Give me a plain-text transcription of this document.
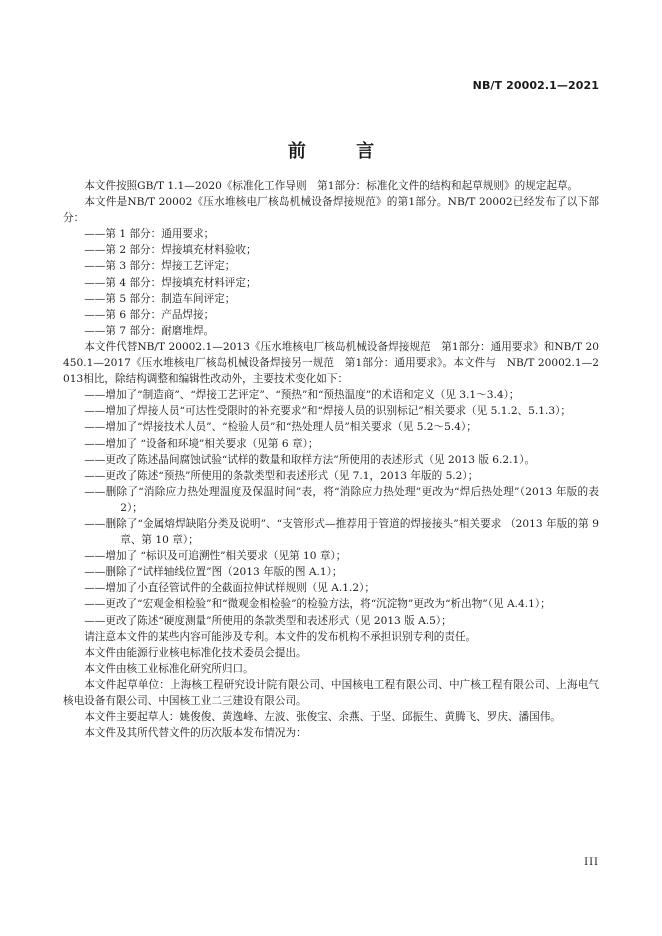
NB/T 20002.1—2021
前 言

本文件按照GB/T 1.1—2020《标准化工作导则　第1部分：标准化文件的结构和起草规则》的规定起草。

本文件是NB/T 20002《压水堆核电厂核岛机械设备焊接规范》的第1部分。NB/T 20002已经发布了以下部分：

——第 1 部分：通用要求；

——第 2 部分：焊接填充材料验收；

——第 3 部分：焊接工艺评定；

——第 4 部分：焊接填充材料评定；

——第 5 部分：制造车间评定；

——第 6 部分：产品焊接；

——第 7 部分：耐磨堆焊。

本文件代替NB/T 20002.1—2013《压水堆核电厂核岛机械设备焊接规范　第1部分：通用要求》和NB/T 20450.1—2017《压水堆核电厂核岛机械设备焊接另一规范　第1部分：通用要求》。本文件与　NB/T 20002.1—2013相比，除结构调整和编辑性改动外，主要技术变化如下：

——增加了“制造商”、“焊接工艺评定”、“预热”和“预热温度”的术语和定义（见 3.1～3.4）；

——增加了焊接人员“可达性受限时的补充要求”和“焊接人员的识别标记”相关要求（见 5.1.2、5.1.3）；

——增加了“焊接技术人员”、“检验人员”和“热处理人员”相关要求（见 5.2～5.4）；

——增加了 “设备和环境”相关要求（见第 6 章）；

——更改了陈述晶间腐蚀试验“试样的数量和取样方法”所使用的表述形式（见 2013 版 6.2.1）。

——更改了陈述“预热”所使用的条款类型和表述形式（见 7.1，2013 年版的 5.2）；

——删除了“消除应力热处理温度及保温时间”表，将“消除应力热处理”更改为“焊后热处理”（2013 年版的表 2）；

——删除了“金属熔焊缺陷分类及说明”、“支管形式—推荐用于管道的焊接接头”相关要求 （2013 年版的第 9 章、第 10 章）；

——增加了 “标识及可追溯性”相关要求（见第 10 章）；

——删除了“试样轴线位置”图（2013 年版的图 A.1）；

——增加了小直径管试件的全截面拉伸试样规则（见 A.1.2）；

——更改了“宏观金相检验”和“微观金相检验”的检验方法，将“沉淀物”更改为“析出物”（见 A.4.1）；

——更改了陈述“硬度测量”所使用的条款类型和表述形式（见 2013 版 A.5）；

请注意本文件的某些内容可能涉及专利。本文件的发布机构不承担识别专利的责任。

本文件由能源行业核电标准化技术委员会提出。

本文件由核工业标准化研究所归口。

本文件起草单位：上海核工程研究设计院有限公司、中国核电工程有限公司、中广核工程有限公司、上海电气核电设备有限公司、中国核工业二三建设有限公司。

本文件主要起草人：姚俊俊、黄逸峰、左波、张俊宝、余燕、于坚、邱振生、黄腾飞、罗庆、潘国伟。

本文件及其所代替文件的历次版本发布情况为：

III
